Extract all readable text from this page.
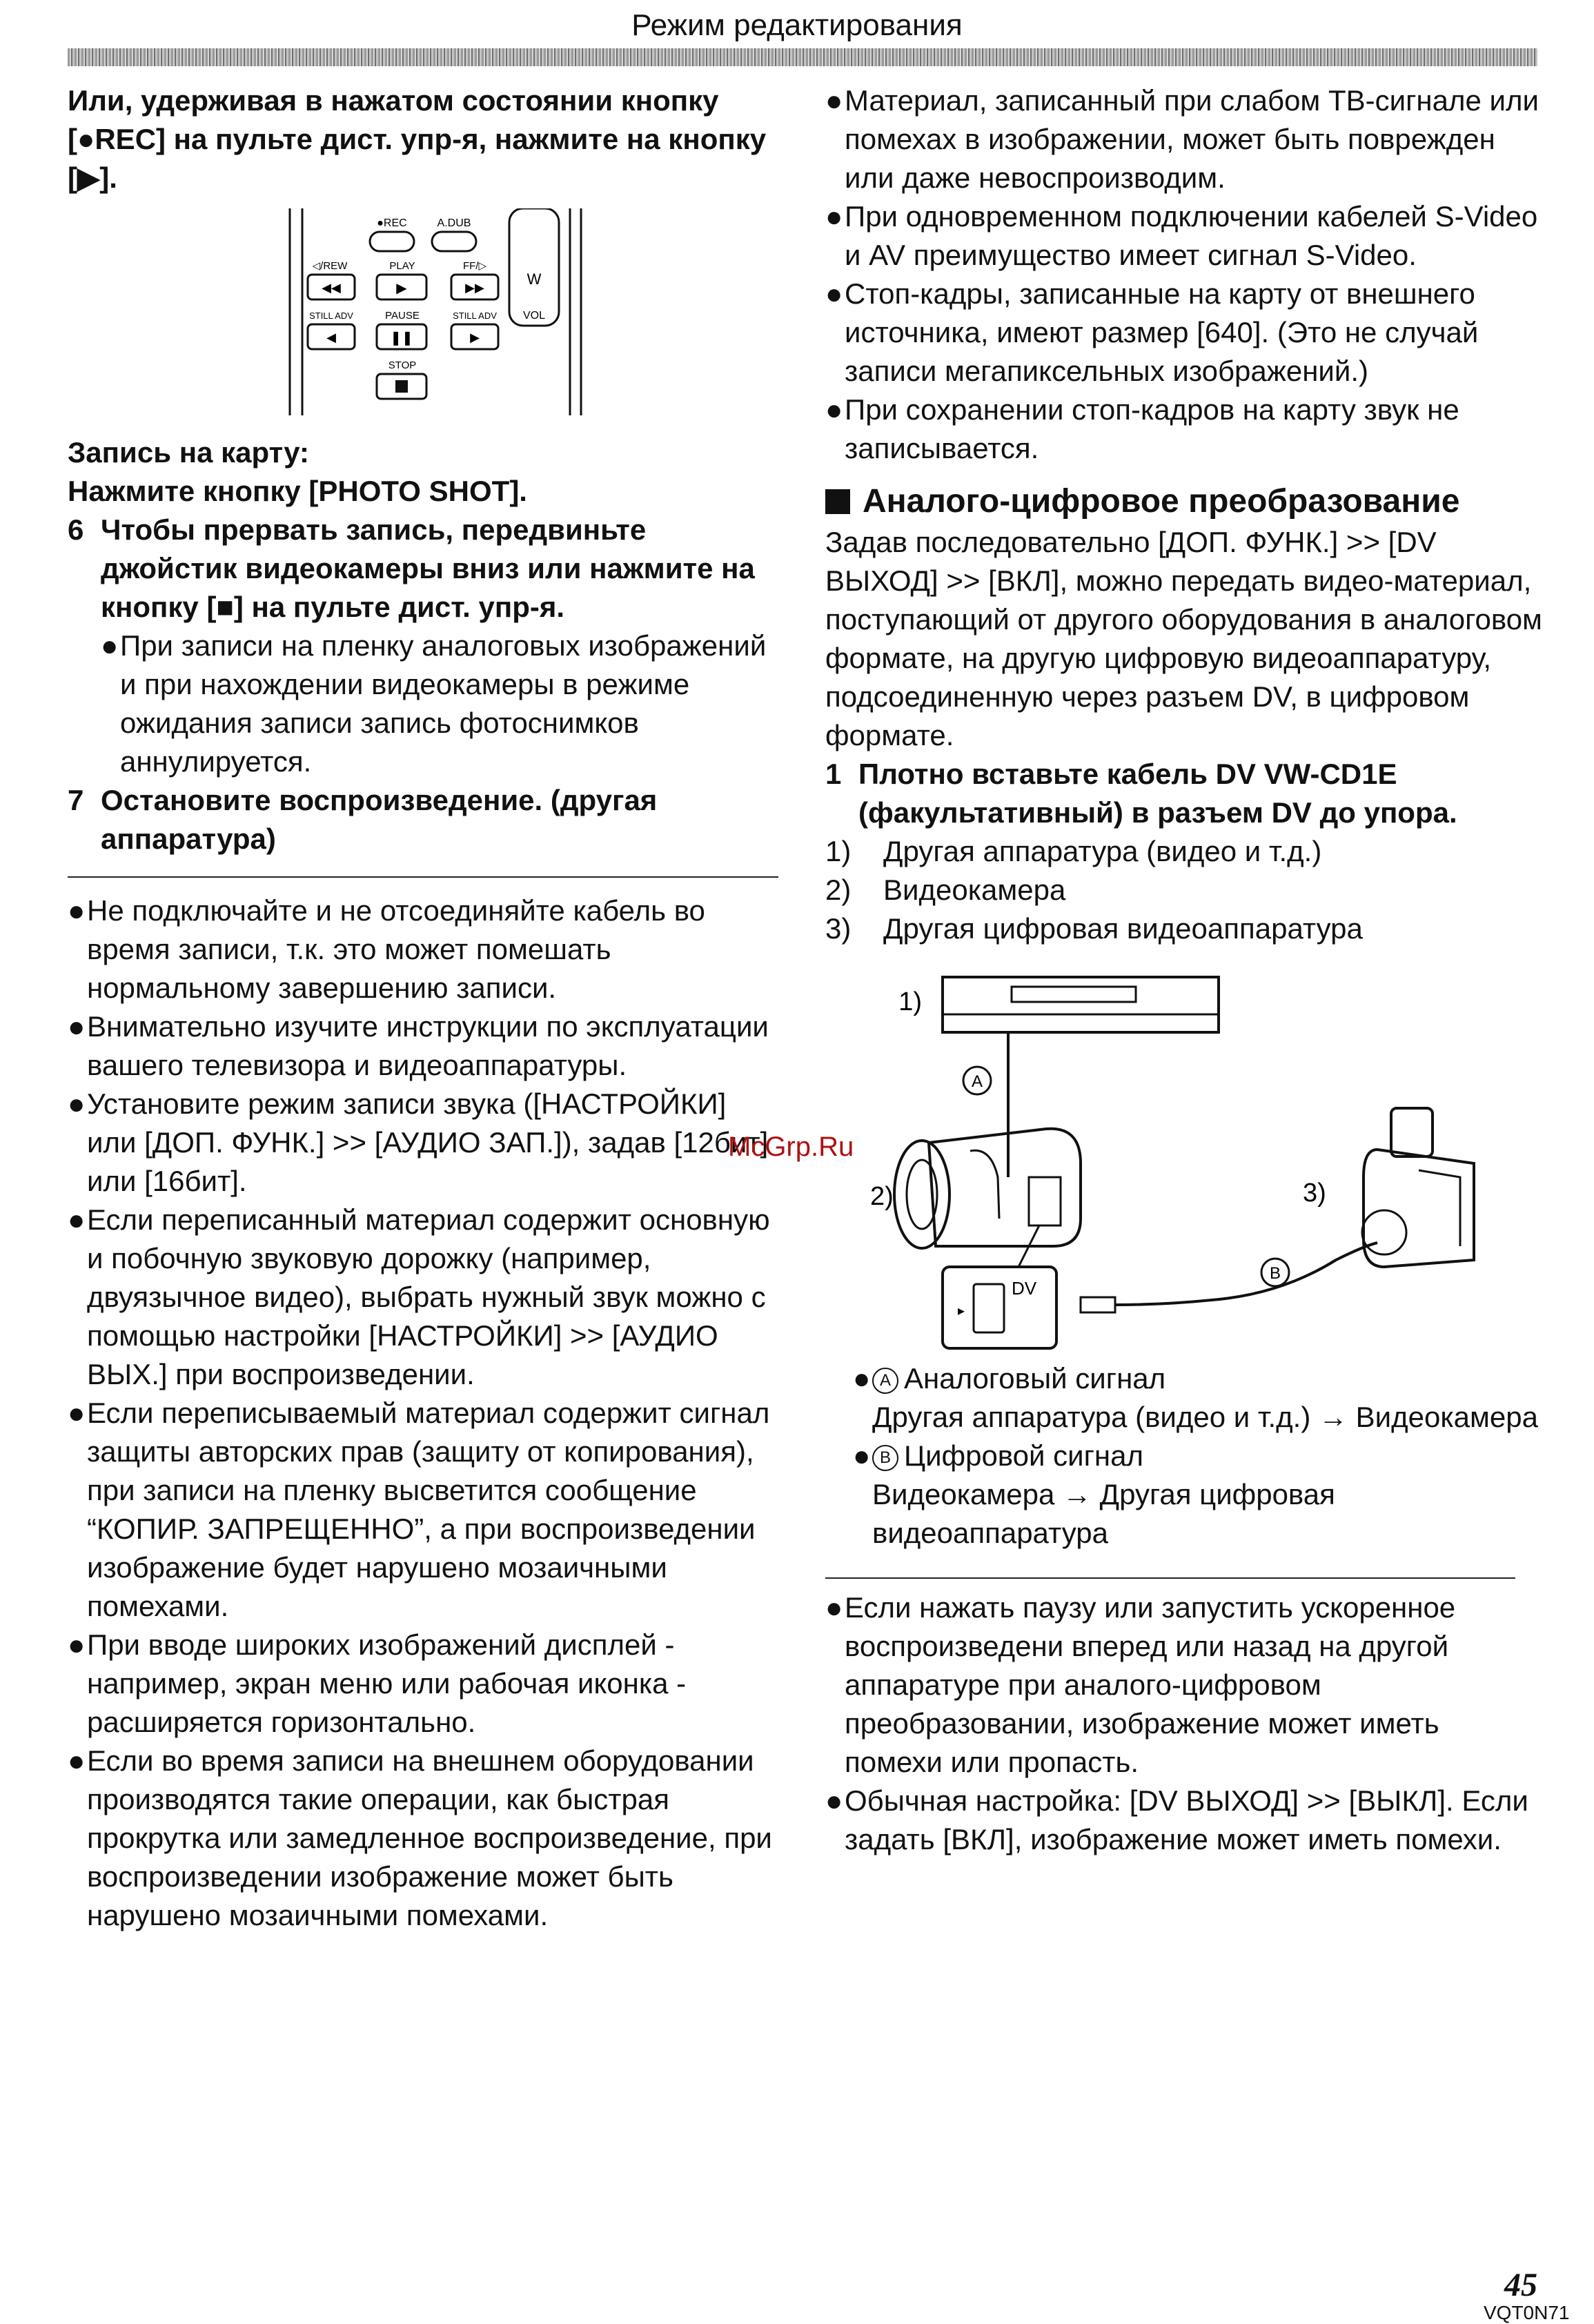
Режим редактирования

Или, удерживая в нажатом состоянии кнопку [●REC] на пульте дист. упр-я, нажмите на кнопку [▶].

W
VOL
●REC	A.DUB
◁/REW	PLAY	FF/▷
◀◀	▶	▶▶
STILL ADV	PAUSE	STILL ADV
◀	❚❚	▶
STOP

Запись на карту:

Нажмите кнопку [PHOTO SHOT].

6 Чтобы прервать запись, передвиньте джойстик видеокамеры вниз или нажмите на кнопку [■] на пульте дист. упр-я.
● При записи на пленку аналоговых изображений и при нахождении видеокамеры в режиме ожидания записи запись фотоснимков аннулируется.
7 Остановите воспроизведение. (другая аппаратура)
● Не подключайте и не отсоединяйте кабель во время записи, т.к. это может помешать нормальному завершению записи.
● Внимательно изучите инструкции по эксплуатации вашего телевизора и видеоаппаратуры.
● Установите режим записи звука ([НАСТРОЙКИ] или [ДОП. ФУНК.] >> [АУДИО ЗАП.]), задав [12бит] или [16бит].
● Если переписанный материал содержит основную и побочную звуковую дорожку (например, двуязычное видео), выбрать нужный звук можно с помощью настройки [НАСТРОЙКИ] >> [АУДИО ВЫХ.] при воспроизведении.
● Если переписываемый материал содержит сигнал защиты авторских прав (защиту от копирования), при записи на пленку высветится сообщение “КОПИР. ЗАПРЕЩЕННО”, а при воспроизведении изображение будет нарушено мозаичными помехами.
● При вводе широких изображений дисплей - например, экран меню или рабочая иконка - расширяется горизонтально.
● Если во время записи на внешнем оборудовании производятся такие операции, как быстрая прокрутка или замедленное воспроизведение, при воспроизведении изображение может быть нарушено мозаичными помехами.
● Материал, записанный при слабом ТВ-сигнале или помехах в изображении, может быть поврежден или даже невоспроизводим.
● При одновременном подключении кабелей S-Video и AV преимущество имеет сигнал S-Video.
● Стоп-кадры, записанные на карту от внешнего источника, имеют размер [640]. (Это не случай записи мегапиксельных изображений.)
● При сохранении стоп-кадров на карту звук не записывается.
Аналого-цифровое преобразование

Задав последовательно [ДОП. ФУНК.] >> [DV ВЫХОД] >> [ВКЛ], можно передать видео-материал, поступающий от другого оборудования в аналоговом формате, на другую цифровую видеоаппаратуру, подсоединенную через разъем DV, в цифровом формате.

1 Плотно вставьте кабель DV VW-CD1E (факультативный) в разъем DV до упора.
1)	Другая аппаратура (видео и т.д.)
2)	Видеокамера
3)	Другая цифровая видеоаппаратура
1)
A
2)
▸
DV
B
3)
● A Аналоговый сигнал
Другая аппаратура (видео и т.д.) → Видеокамера
● B Цифровой сигнал
Видеокамера → Другая цифровая видеоаппаратура
● Если нажать паузу или запустить ускоренное воспроизведени вперед или назад на другой аппаратуре при аналого-цифровом преобразовании, изображение может иметь помехи или пропасть.
● Обычная настройка: [DV ВЫХОД] >> [ВЫКЛ]. Если задать [ВКЛ], изображение может иметь помехи.
McGrp.Ru
45
VQT0N71
